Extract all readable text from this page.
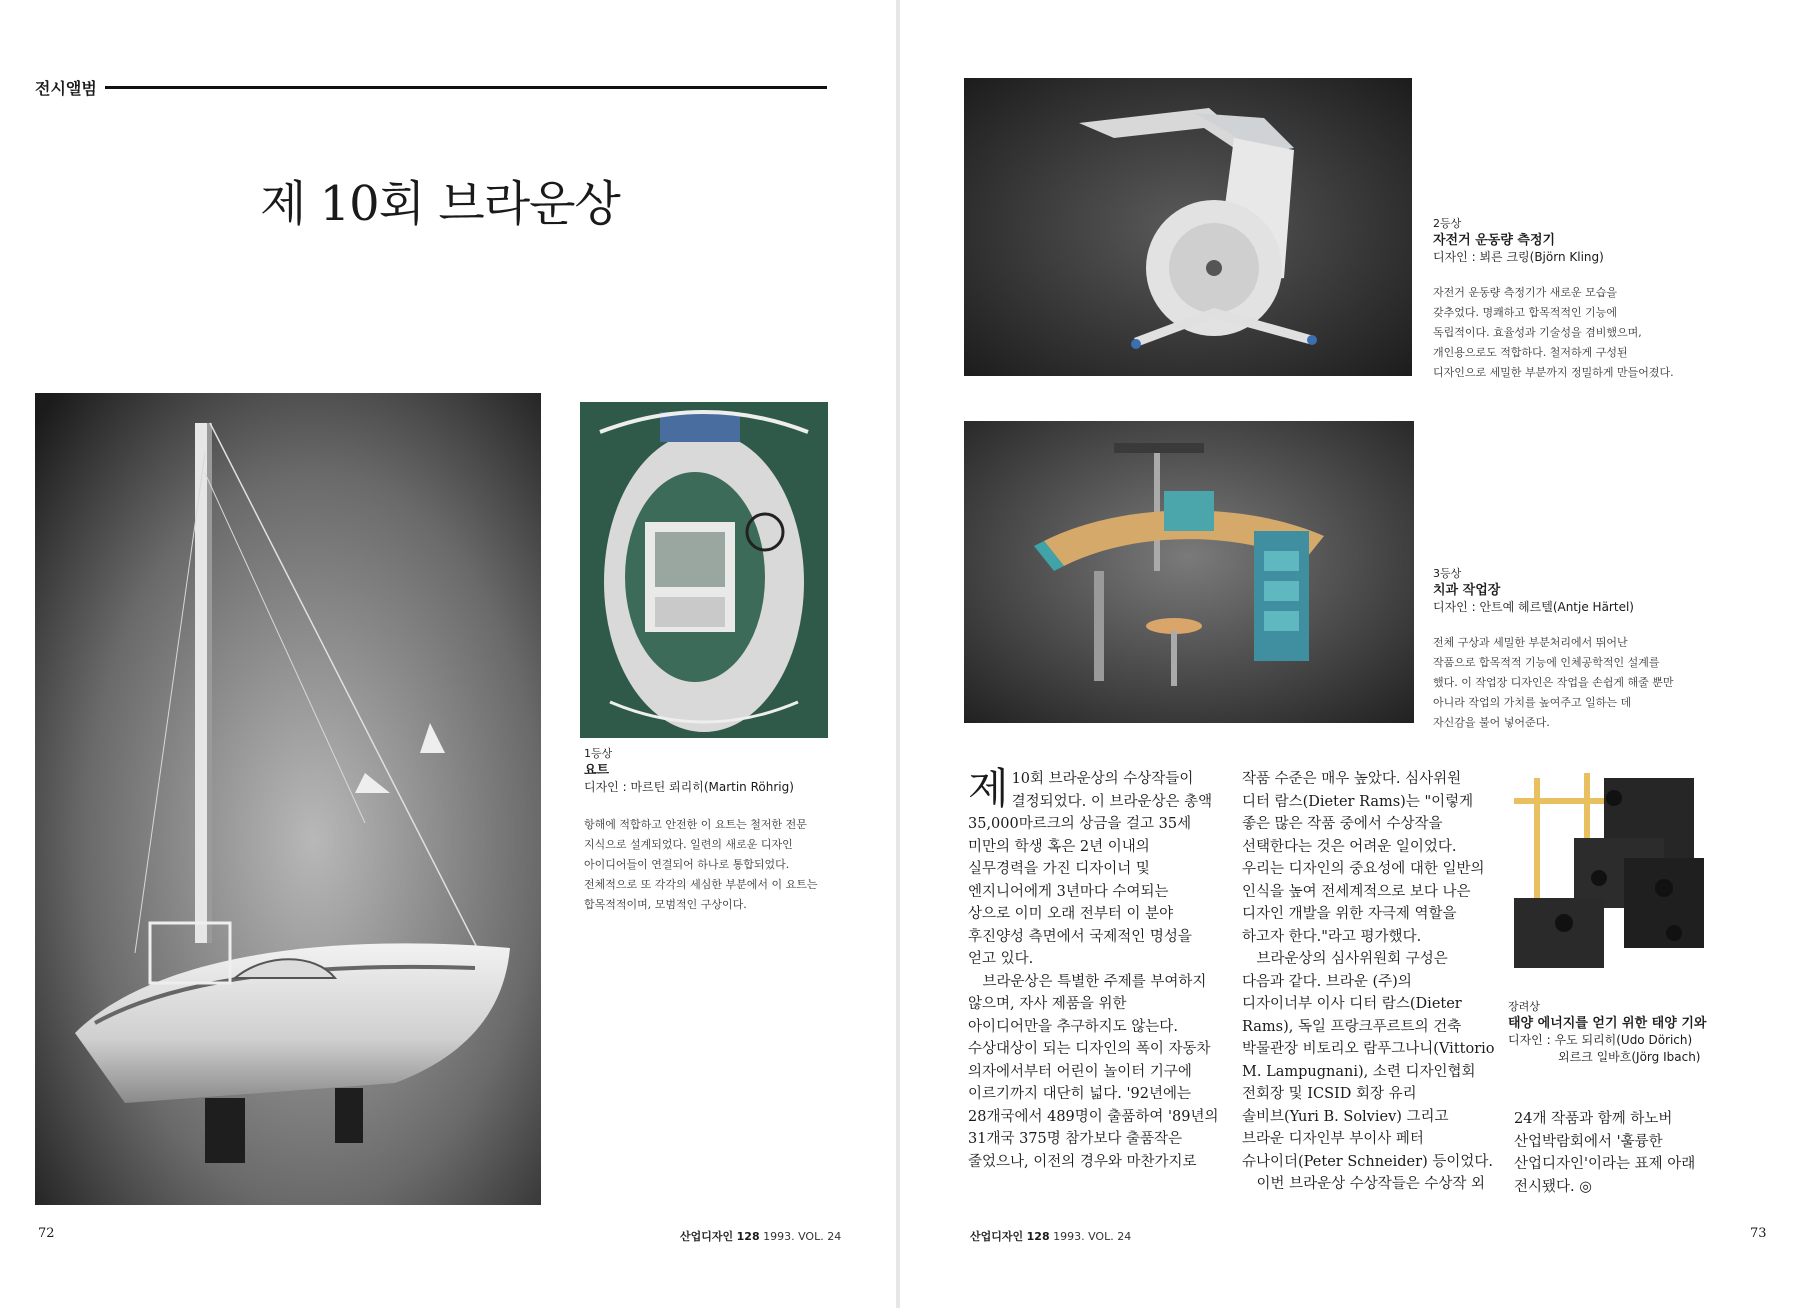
전시앨범
제 10회 브라운상
1등상
요트
디자인 : 마르틴 뢰리히(Martin Röhrig)

항해에 적합하고 안전한 이 요트는 철저한 전문

지식으로 설계되었다. 일련의 새로운 디자인

아이디어들이 연결되어 하나로 통합되었다.

전체적으로 또 각각의 세심한 부분에서 이 요트는

합목적적이며, 모범적인 구상이다.

72	산업디자인 128 1993. VOL. 24
2등상
자전거 운동량 측정기
디자인 : 뵈른 크링(Björn Kling)

자전거 운동량 측정기가 새로운 모습을

갖추었다. 명쾌하고 합목적적인 기능에

독립적이다. 효율성과 기술성을 겸비했으며,

개인용으로도 적합하다. 철저하게 구성된

디자인으로 세밀한 부분까지 정밀하게 만들어졌다.

3등상
치과 작업장
디자인 : 안트예 헤르텔(Antje Härtel)

전체 구상과 세밀한 부분처리에서 뛰어난

작품으로 합목적적 기능에 인체공학적인 설계를

했다. 이 작업장 디자인은 작업을 손쉽게 해줄 뿐만

아니라 작업의 가치를 높여주고 일하는 데

자신감을 불어 넣어준다.

제 10회 브라운상의 수상작들이

결정되었다. 이 브라운상은 총액

35,000마르크의 상금을 걸고 35세

미만의 학생 혹은 2년 이내의

실무경력을 가진 디자이너 및

엔지니어에게 3년마다 수여되는

상으로 이미 오래 전부터 이 분야

후진양성 측면에서 국제적인 명성을

얻고 있다.

　브라운상은 특별한 주제를 부여하지

않으며, 자사 제품을 위한

아이디어만을 추구하지도 않는다.

수상대상이 되는 디자인의 폭이 자동차

의자에서부터 어린이 놀이터 기구에

이르기까지 대단히 넓다. '92년에는

28개국에서 489명이 출품하여 '89년의

31개국 375명 참가보다 출품작은

줄었으나, 이전의 경우와 마찬가지로

작품 수준은 매우 높았다. 심사위원

디터 람스(Dieter Rams)는 "이렇게

좋은 많은 작품 중에서 수상작을

선택한다는 것은 어려운 일이었다.

우리는 디자인의 중요성에 대한 일반의

인식을 높여 전세계적으로 보다 나은

디자인 개발을 위한 자극제 역할을

하고자 한다."라고 평가했다.

　브라운상의 심사위원회 구성은

다음과 같다. 브라운 (주)의

디자이너부 이사 디터 람스(Dieter

Rams), 독일 프랑크푸르트의 건축

박물관장 비토리오 람푸그나니(Vittorio

M. Lampugnani), 소련 디자인협회

전회장 및 ICSID 회장 유리

솔비브(Yuri B. Solviev) 그리고

브라운 디자인부 부이사 페터

슈나이더(Peter Schneider) 등이었다.

　이번 브라운상 수상작들은 수상작 외

장려상
태양 에너지를 얻기 위한 태양 기와
디자인 : 우도 되리히(Udo Dörich)
외르크 일바흐(Jörg Ibach)

24개 작품과 함께 하노버

산업박람회에서 '훌륭한

산업디자인'이라는 표제 아래

전시됐다. ◎

산업디자인 128 1993. VOL. 24	73
